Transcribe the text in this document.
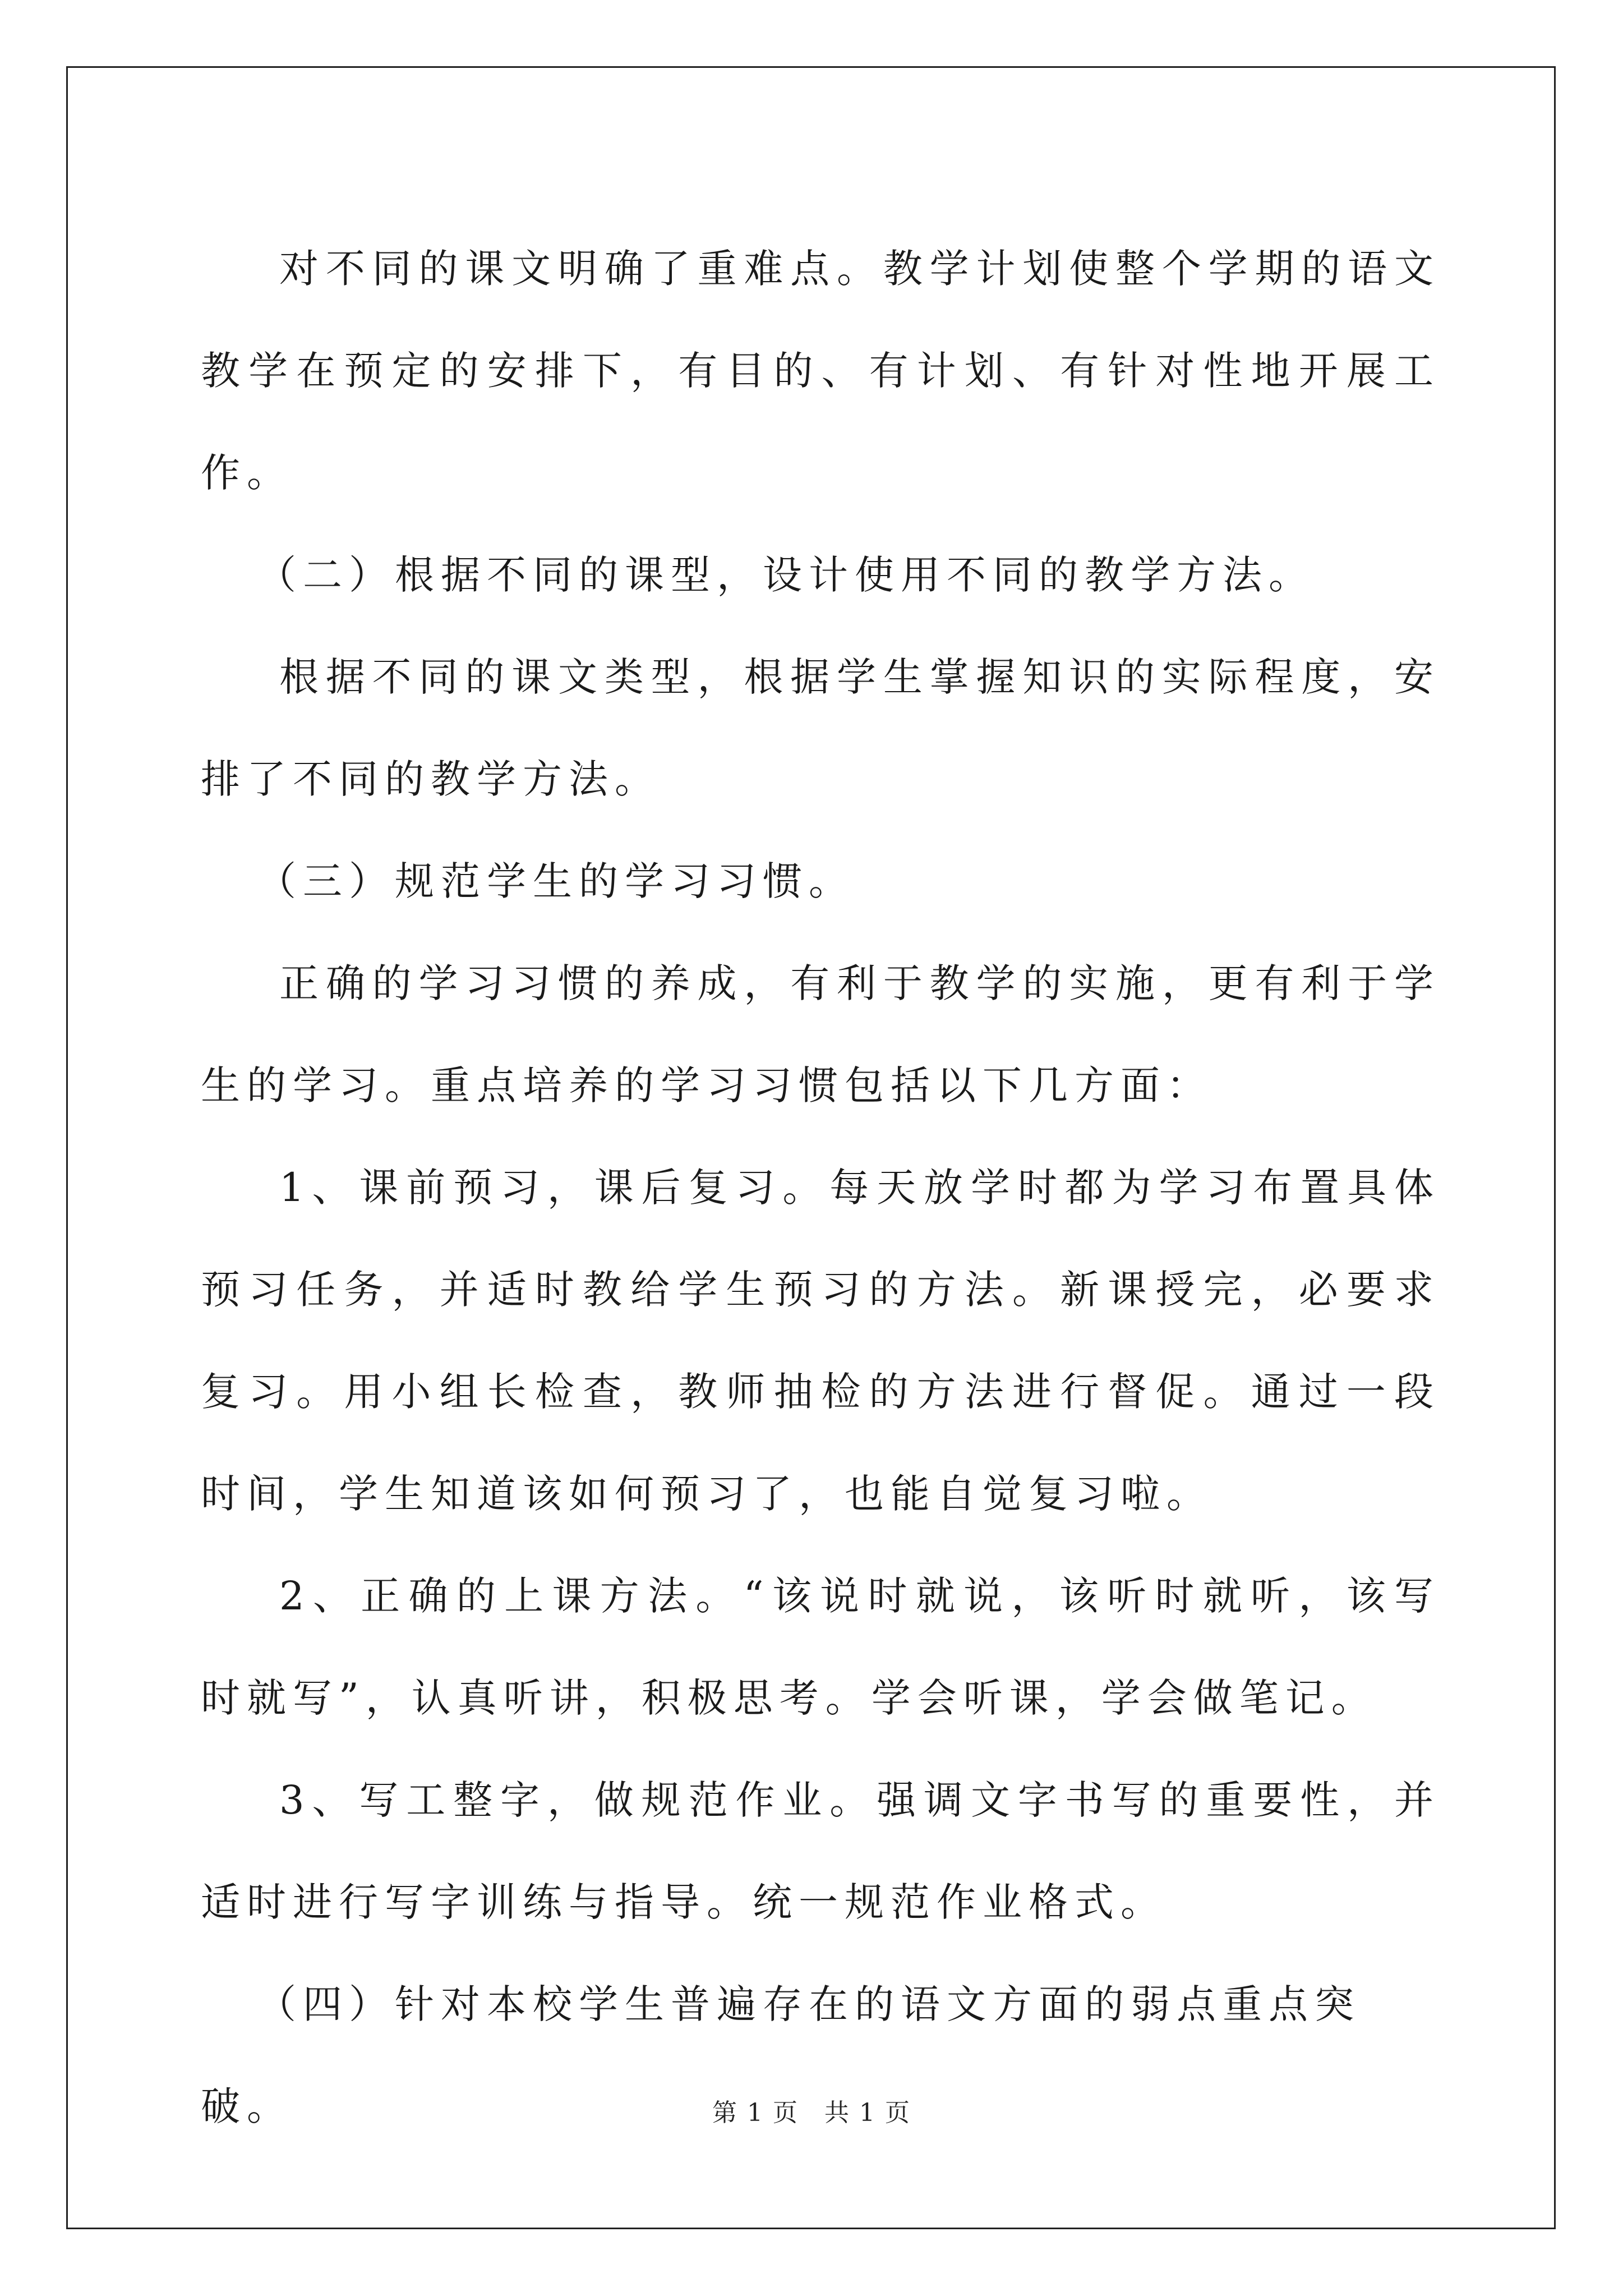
对不同的课文明确了重难点。教学计划使整个学期的语文教学在预定的安排下，有目的、有计划、有针对性地开展工作。

（二）根据不同的课型，设计使用不同的教学方法。

根据不同的课文类型，根据学生掌握知识的实际程度，安排了不同的教学方法。

（三）规范学生的学习习惯。

正确的学习习惯的养成，有利于教学的实施，更有利于学生的学习。重点培养的学习习惯包括以下几方面：

1、课前预习，课后复习。每天放学时都为学习布置具体预习任务，并适时教给学生预习的方法。新课授完，必要求复习。用小组长检查，教师抽检的方法进行督促。通过一段时间，学生知道该如何预习了，也能自觉复习啦。

2、正确的上课方法。“该说时就说，该听时就听，该写时就写”，认真听讲，积极思考。学会听课，学会做笔记。

3、写工整字，做规范作业。强调文字书写的重要性，并适时进行写字训练与指导。统一规范作业格式。

（四）针对本校学生普遍存在的语文方面的弱点重点突破。	第 1 页　共 1 页
